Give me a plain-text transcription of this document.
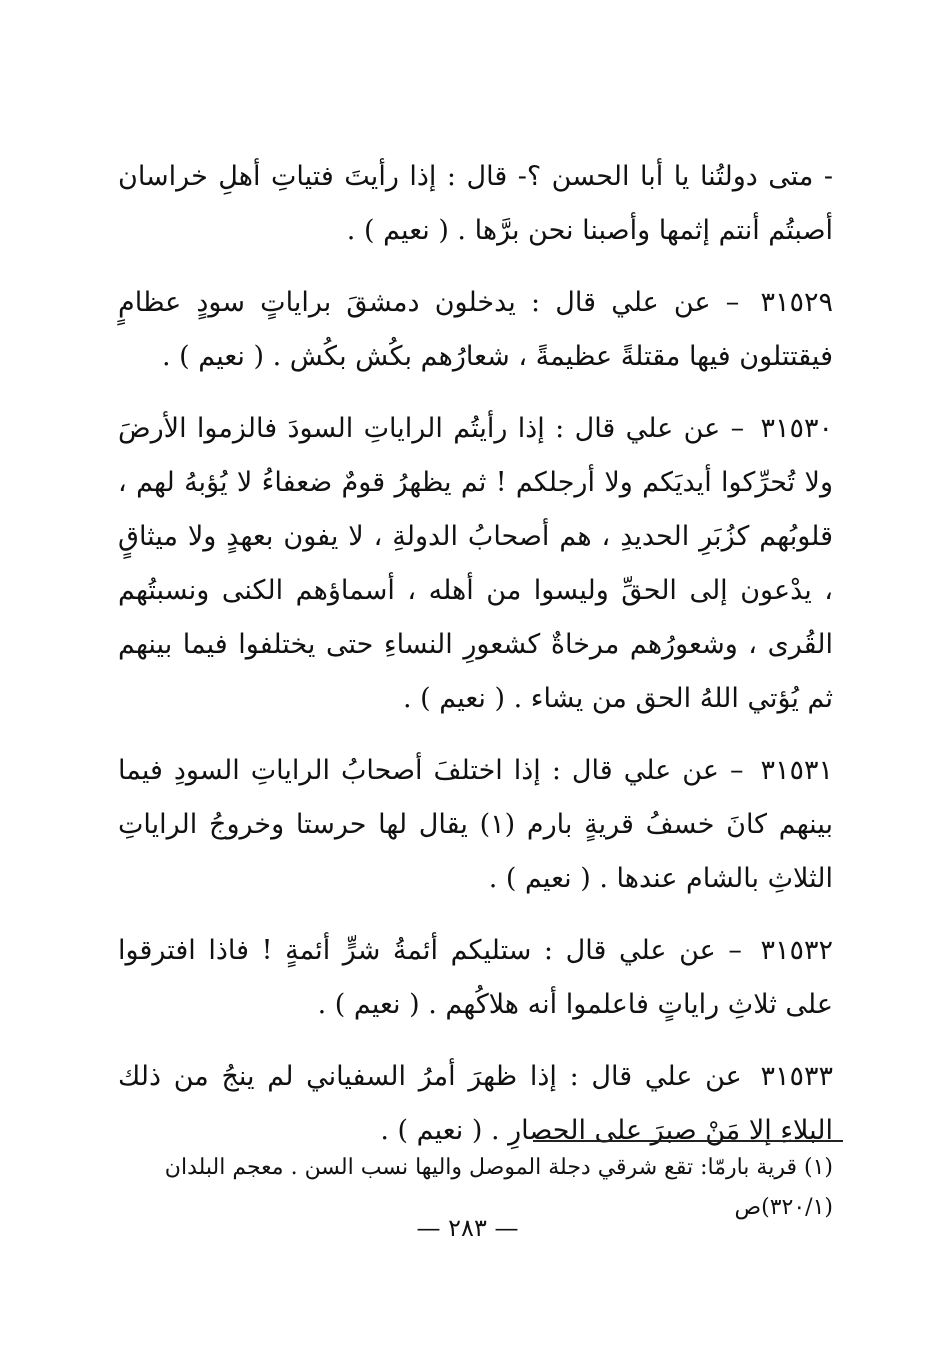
- متى دولتُنا يا أبا الحسن ؟- قال : إذا رأيتَ فتياتِ أهلِ خراسان أصبتُم أنتم إثمها وأصبنا نحن برَّها . ( نعيم ) .

٣١٥٢٩ – عن علي قال : يدخلون دمشقَ براياتٍ سودٍ عظامٍ فيقتتلون فيها مقتلةً عظيمةً ، شعارُهم بكُش بكُش . ( نعيم ) .

٣١٥٣٠ – عن علي قال : إذا رأيتُم الراياتِ السودَ فالزموا الأرضَ ولا تُحرِّكوا أيديَكم ولا أرجلكم ! ثم يظهرُ قومٌ ضعفاءُ لا يُؤبهُ لهم ، قلوبُهم كزُبَرِ الحديدِ ، هم أصحابُ الدولةِ ، لا يفون بعهدٍ ولا ميثاقٍ ، يدْعون إلى الحقِّ وليسوا من أهله ، أسماؤهم الكنى ونسبتُهم القُرى ، وشعورُهم مرخاةٌ كشعورِ النساءِ حتى يختلفوا فيما بينهم ثم يُؤتي اللهُ الحق من يشاء . ( نعيم ) .

٣١٥٣١ – عن علي قال : إذا اختلفَ أصحابُ الراياتِ السودِ فيما بينهم كانَ خسفُ قريةٍ بارم (١) يقال لها حرستا وخروجُ الراياتِ الثلاثِ بالشام عندها . ( نعيم ) .

٣١٥٣٢ – عن علي قال : ستليكم أئمةُ شرٍّ أئمةٍ ! فاذا افترقوا على ثلاثِ راياتٍ فاعلموا أنه هلاكُهم . ( نعيم ) .

٣١٥٣٣ عن علي قال : إذا ظهرَ أمرُ السفياني لم ينجُ من ذلك البلاءِ إلا مَنْ صبرَ على الحصارِ . ( نعيم ) .

(١) قرية بارمّا: تقع شرقي دجلة الموصل واليها نسب السن . معجم البلدان (٣٢٠/١)ص
— ٢٨٣ —
